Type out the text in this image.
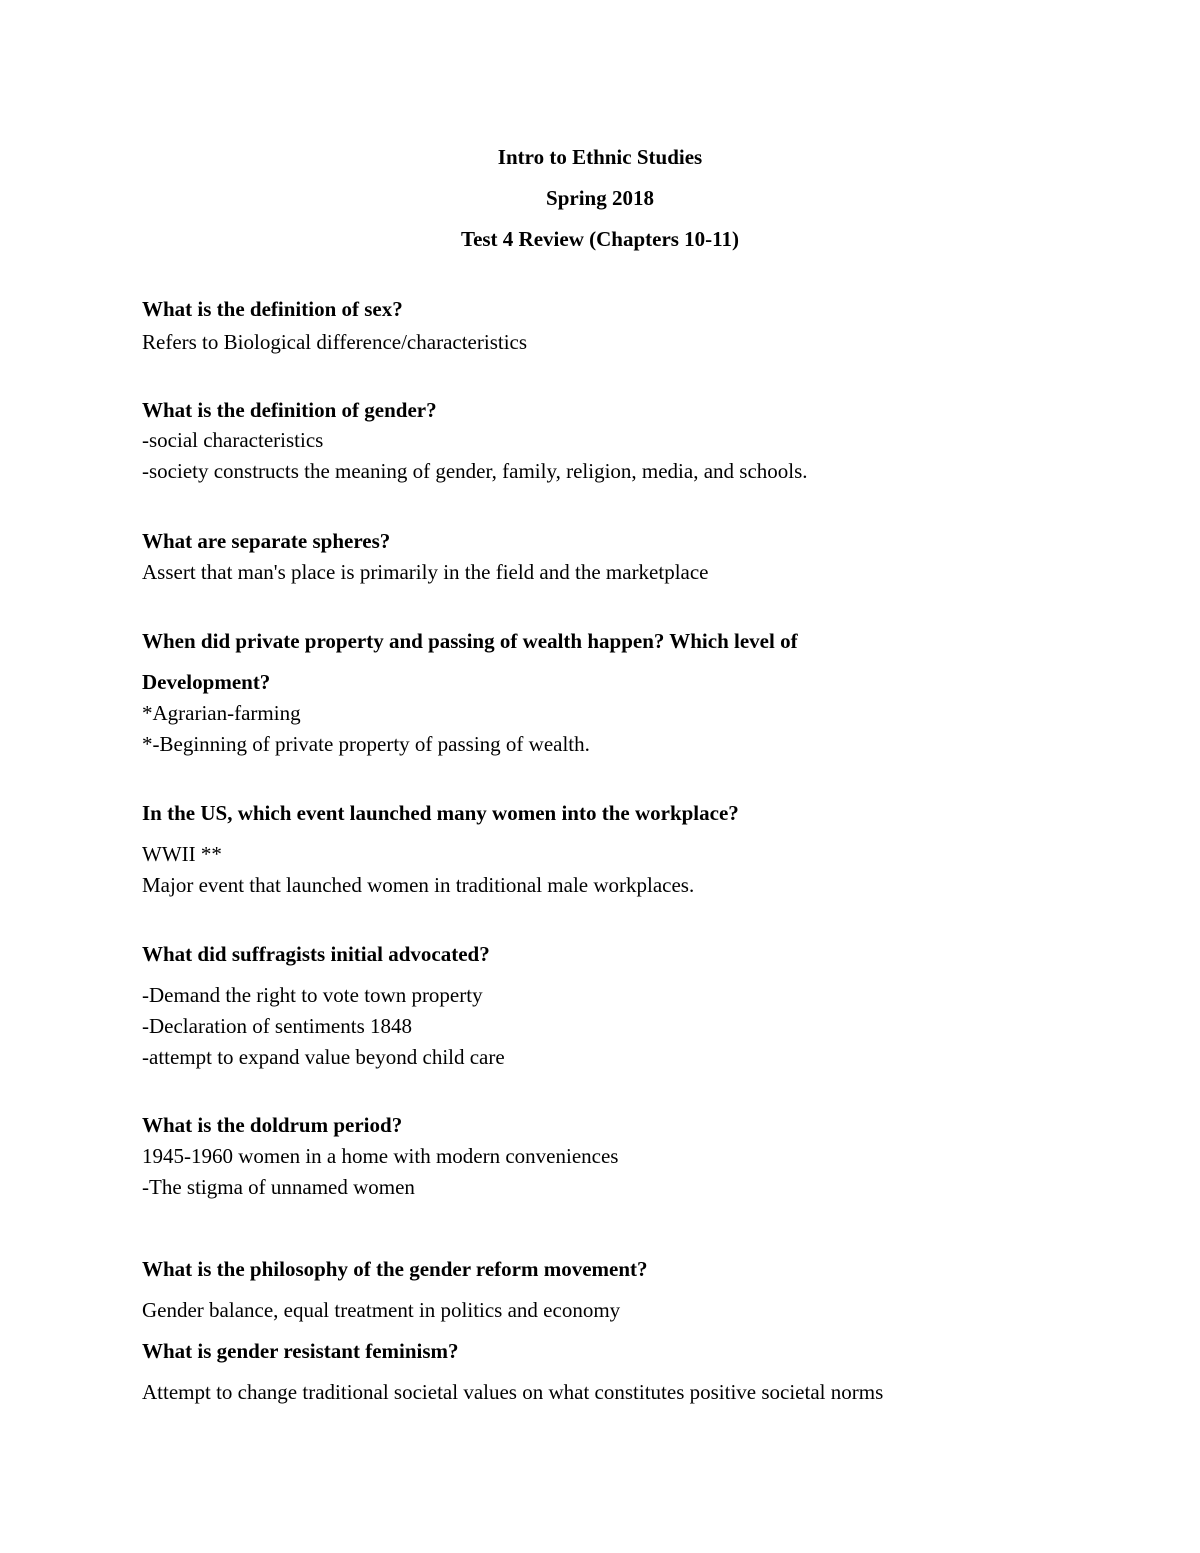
Intro to Ethnic Studies
Spring 2018
Test 4 Review (Chapters 10-11)
What is the definition of sex?
Refers to Biological difference/characteristics
What is the definition of gender?
-social characteristics
-society constructs the meaning of gender, family, religion, media, and schools.
What are separate spheres?
Assert that man's place is primarily in the field and the marketplace
When did private property and passing of wealth happen? Which level of
Development?
*Agrarian-farming
*-Beginning of private property of passing of wealth.
In the US, which event launched many women into the workplace?
WWII **
Major event that launched women in traditional male workplaces.
What did suffragists initial advocated?
-Demand the right to vote town property
-Declaration of sentiments 1848
-attempt to expand value beyond child care
What is the doldrum period?
1945-1960 women in a home with modern conveniences
-The stigma of unnamed women
What is the philosophy of the gender reform movement?
Gender balance, equal treatment in politics and economy
What is gender resistant feminism?
Attempt to change traditional societal values on what constitutes positive societal norms
